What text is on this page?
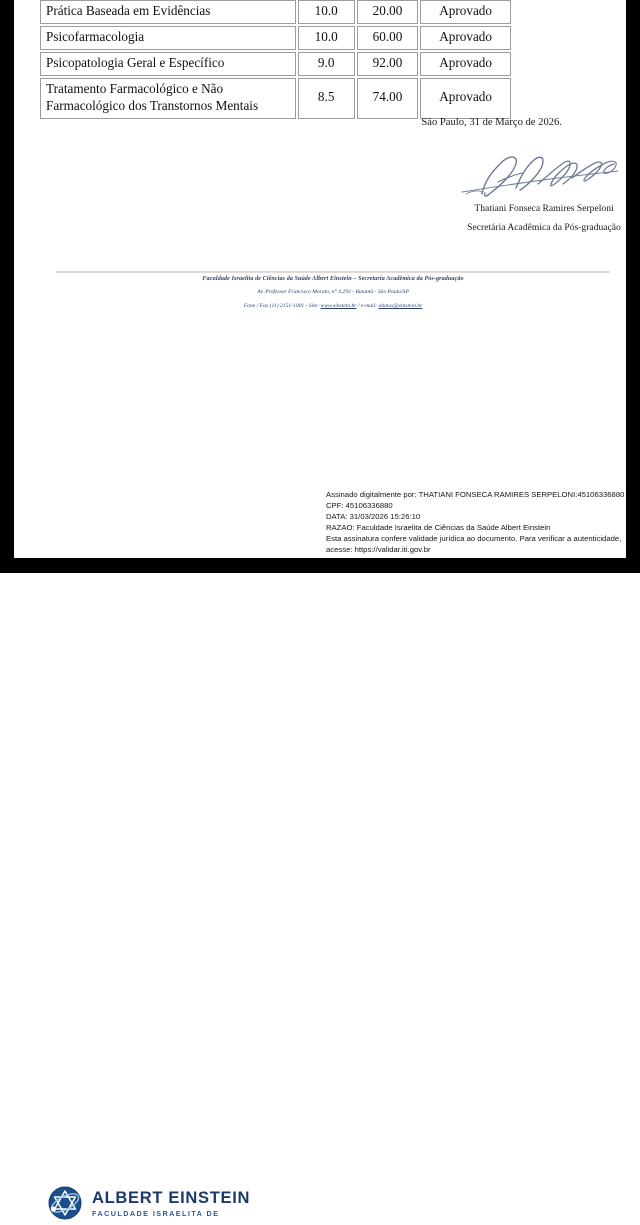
Prática Baseada em Evidências	10.0	20.00	Aprovado
Psicofarmacologia	10.0	60.00	Aprovado
Psicopatologia Geral e Específico	9.0	92.00	Aprovado
Tratamento Farmacológico e Não Farmacológico dos Transtornos Mentais	8.5	74.00	Aprovado
São Paulo, 31 de Março de 2026.
Thatiani Fonseca Ramires Serpeloni
Secretária Acadêmica da Pós-graduação
Faculdade Israelita de Ciências da Saúde Albert Einstein – Secretaria Acadêmica da Pós-graduação
Av. Professor Francisco Morato, n° 4.293 - Butantã - São Paulo/SP
Fone / Fax (11) 2151-1001 - Site: www.einstein.br / e-mail: alunos@einstein.br
Assinado digitalmente por: THATIANI FONSECA RAMIRES SERPELONI:45106336880
CPF: 45106336880
DATA: 31/03/2026 15:26:10
RAZAO: Faculdade Israelita de Ciências da Saúde Albert Einstein
Esta assinatura confere validade jurídica ao documento. Para verificar a autenticidade,
acesse: https://validar.iti.gov.br
ALBERT EINSTEIN
FACULDADE ISRAELITA DE
